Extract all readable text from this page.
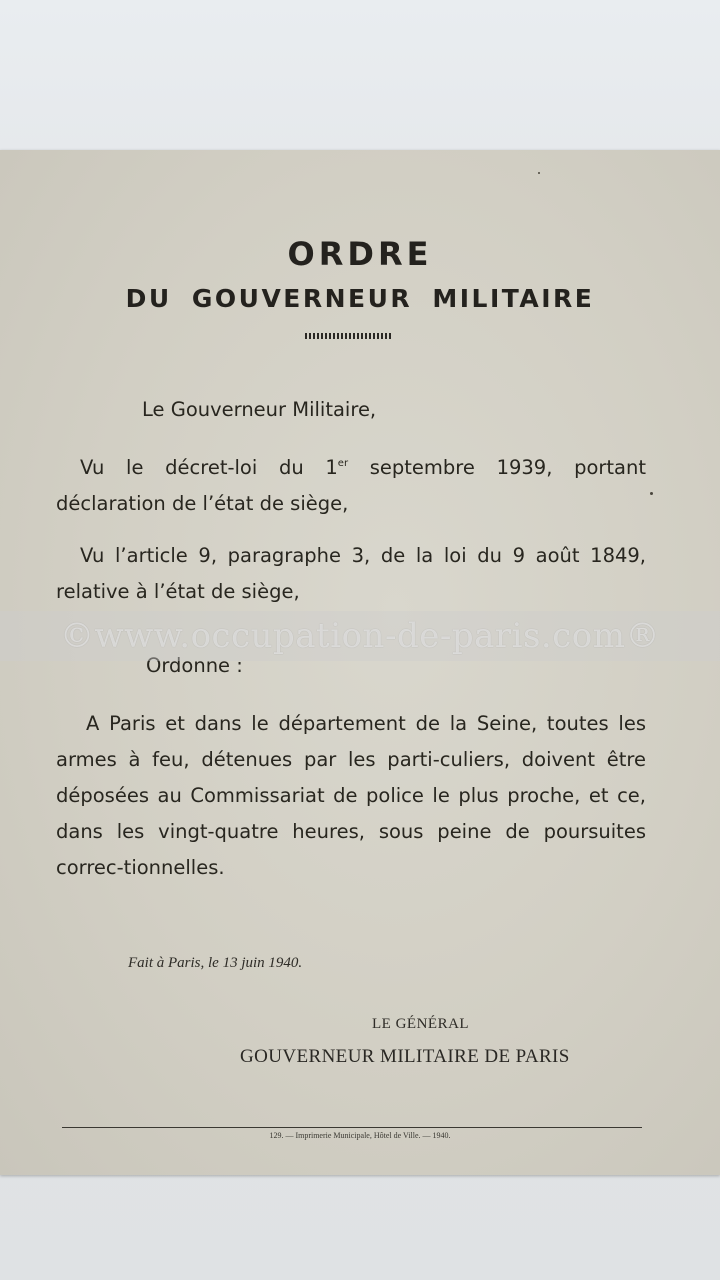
ORDRE
DU GOUVERNEUR MILITAIRE

Le Gouverneur Militaire,

Vu le décret-loi du 1er septembre 1939, portant déclaration de l’état de siège,

Vu l’article 9, paragraphe 3, de la loi du 9 août 1849, relative à l’état de siège,

Ordonne :

A Paris et dans le département de la Seine, toutes les armes à feu, détenues par les parti-culiers, doivent être déposées au Commissariat de police le plus proche, et ce, dans les vingt-quatre heures, sous peine de poursuites correc-tionnelles.

Fait à Paris, le 13 juin 1940.
LE GÉNÉRAL
GOUVERNEUR MILITAIRE DE PARIS
129. — Imprimerie Municipale, Hôtel de Ville. — 1940.
©www.occupation-de-paris.com®
